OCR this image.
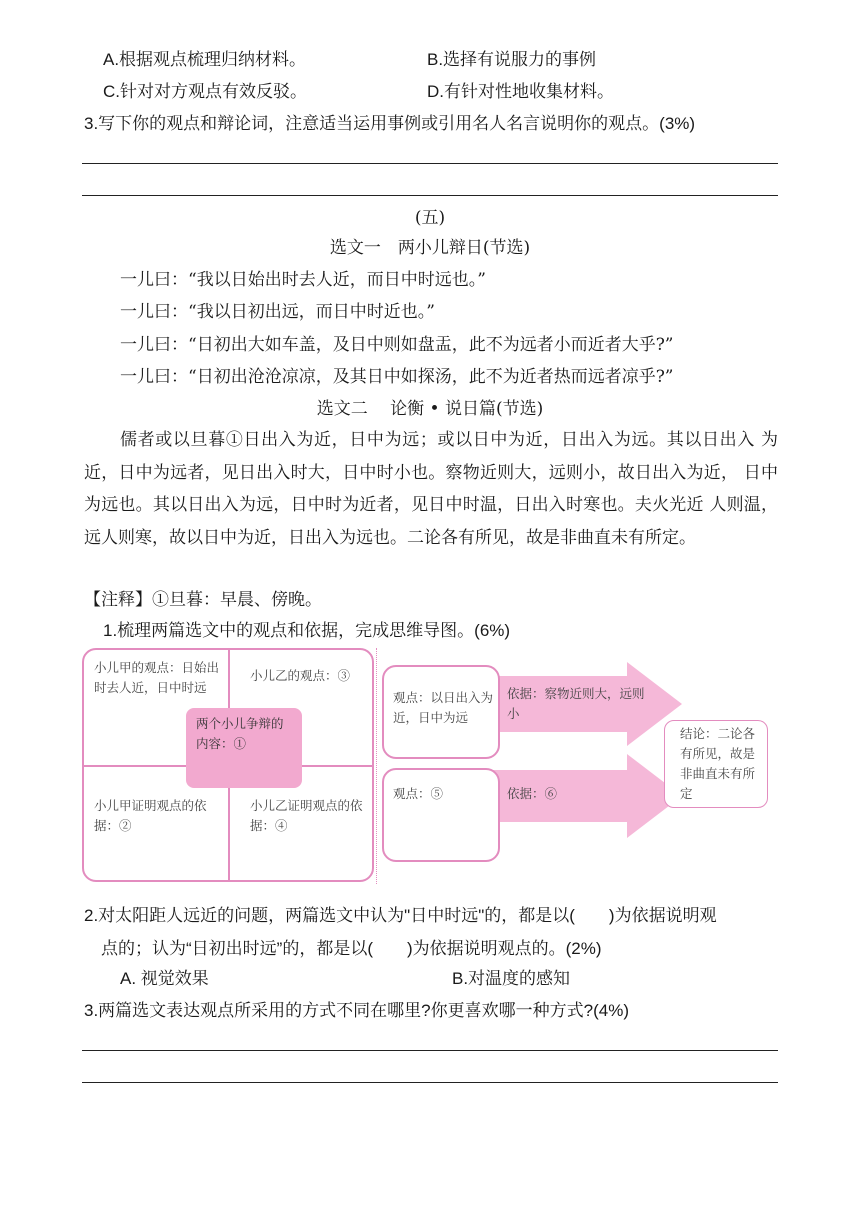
A.根据观点梳理归纳材料。	B.选择有说服力的事例
C.针对对方观点有效反驳。	D.有针对性地收集材料。
3.写下你的观点和辩论词，注意适当运用事例或引用名人名言说明你的观点。(3%)
(五)
选文一　两小儿辩日(节选)
一儿曰：“我以日始出时去人近，而日中时远也。”
一儿曰：“我以日初出远，而日中时近也。”
一儿曰：“日初出大如车盖，及日中则如盘盂，此不为远者小而近者大乎?”
一儿曰：“日初出沧沧凉凉，及其日中如探汤，此不为近者热而远者凉乎?”
选文二　 论衡 • 说日篇(节选)
儒者或以旦暮①日出入为近，日中为远；或以日中为近，日出入为远。其以日出入 为近，日中为远者，见日出入时大，日中时小也。察物近则大，远则小，故日出入为近， 日中为远也。其以日出入为远，日中时为近者，见日中时温，日出入时寒也。夫火光近 人则温，远人则寒，故以日中为近，日出入为远也。二论各有所见，故是非曲直未有所定。
【注释】①旦暮：早晨、傍晚。
1.梳理两篇选文中的观点和依据，完成思维导图。(6%)
小儿甲的观点：日始出时去人近，日中时远
小儿乙的观点：③
小儿甲证明观点的依据：②
小儿乙证明观点的依据：④
两个小儿争辩的内容：①
观点：以日出入为近，日中为远
依据：察物近则大，远则小
观点：⑤	依据：⑥
结论：二论各有所见，故是非曲直未有所定
2.对太阳距人远近的问题，两篇选文中认为"日中时远"的，都是以(　　)为依据说明观
点的；认为“日初出时远”的，都是以(　　)为依据说明观点的。(2%)
A. 视觉效果	B.对温度的感知
3.两篇选文表达观点所采用的方式不同在哪里?你更喜欢哪一种方式?(4%)
